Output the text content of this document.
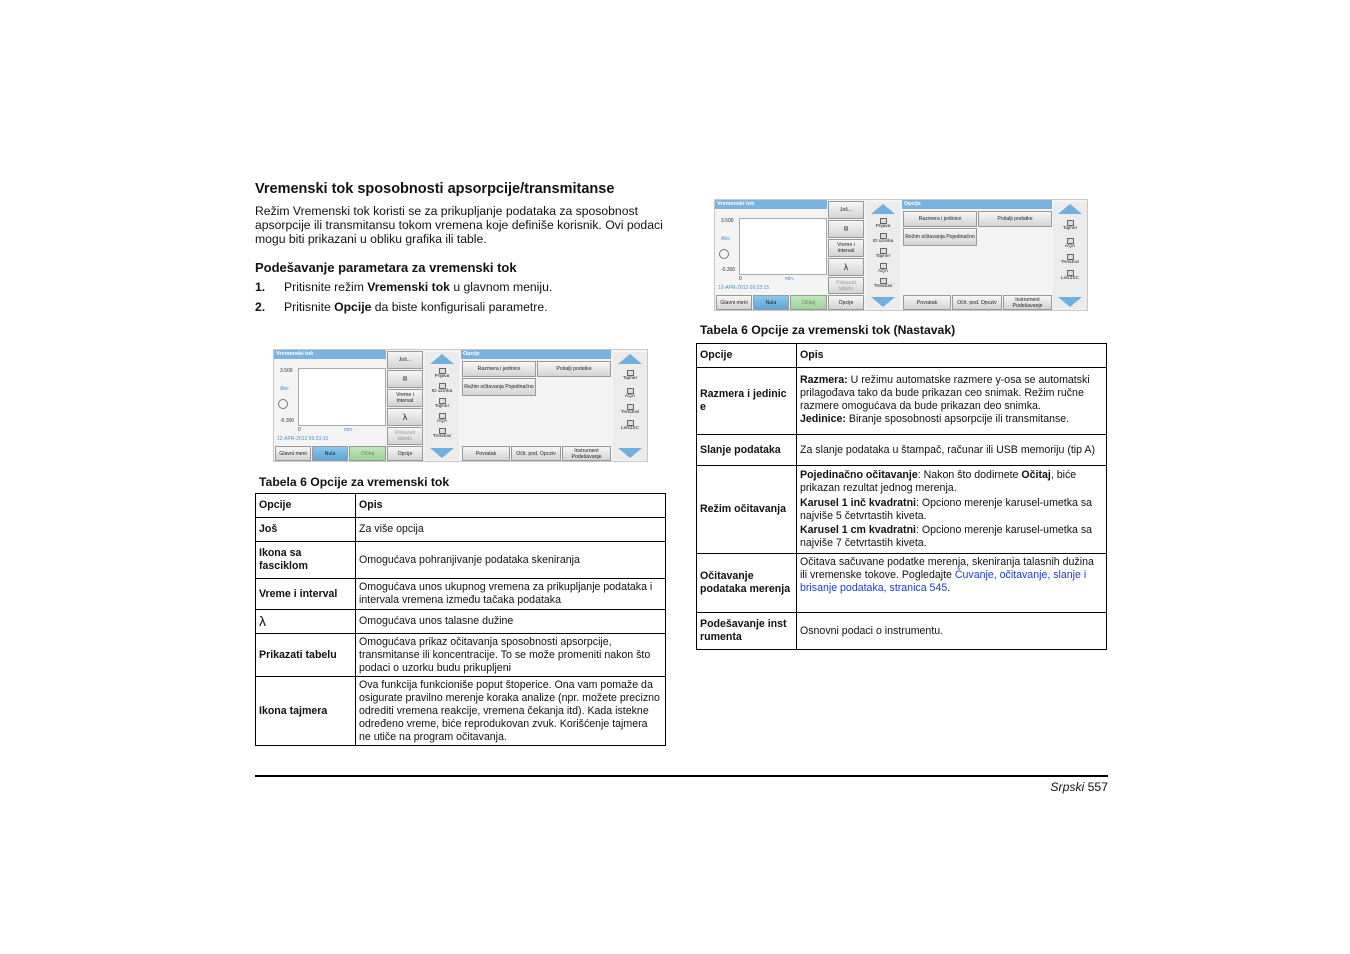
Vremenski tok sposobnosti apsorpcije/transmitanse

Režim Vremenski tok koristi se za prikupljanje podataka za sposobnost apsorpcije ili transmitansu tokom vremena koje definiše korisnik. Ovi podaci mogu biti prikazani u obliku grafika ili table.

Podešavanje parametara za vremenski tok
1.	Pritisnite režim Vremenski tok u glavnom meniju.
2.	Pritisnite Opcije da biste konfigurisali parametre.
Vremenski tok
3.500
Abs
-0.300
0	min.
12-APR-2012 09:23:15
Još...
▤
Vreme i interval
λ
Prikazati tabelu
Glavni meni	Nula	Očitaj	Opcije
Prijava
ID uzorka
Tajmer
AQA
Trendovi
Opcije
Razmera i jedinice	Pošalji podatke
Režim očitavanja Pojedinačno
Povratak	Očit. pod. Opcziv	Instrument Podešavanje
Tajmer
AQA
Trendovi
Link2SC
Tabela 6 Opcije za vremenski tok
Opcije	Opis
Još	Za više opcija
Ikona sa fasciklom	Omogućava pohranjivanje podataka skeniranja
Vreme i interval	Omogućava unos ukupnog vremena za prikupljanje podataka i intervala vremena između tačaka podataka
λ	Omogućava unos talasne dužine
Prikazati tabelu	Omogućava prikaz očitavanja sposobnosti apsorpcije, transmitanse ili koncentracije. To se može promeniti nakon što podaci o uzorku budu prikupljeni
Ikona tajmera	Ova funkcija funkcioniše poput štoperice. Ona vam pomaže da osigurate pravilno merenje koraka analize (npr. možete precizno odrediti vremena reakcije, vremena čekanja itd). Kada istekne određeno vreme, biće reprodukovan zvuk. Korišćenje tajmera ne utiče na program očitavanja.
Vremenski tok
3.500
Abs
-0.300
0	min.
12-APR-2012 09:23:15
Još...
▤
Vreme i interval
λ
Prikazati tabelu
Glavni meni	Nula	Očitaj	Opcije
Prijava
ID uzorka
Tajmer
AQA
Trendovi
Opcije
Razmera i jedinice	Pošalji podatke
Režim očitavanja Pojedinačno
Povratak	Očit. pod. Opcziv	Instrument Podešavanje
Tajmer
AQA
Trendovi
Link2SC
Tabela 6 Opcije za vremenski tok (Nastavak)
Opcije	Opis
Razmera i jedinic e	Razmera: U režimu automatske razmere y-osa se automatski prilagođava tako da bude prikazan ceo snimak. Režim ručne razmere omogućava da bude prikazan deo snimka.
Jedinice: Biranje sposobnosti apsorpcije ili transmitanse.

Slanje podataka	Za slanje podataka u štampač, računar ili USB memoriju (tip A)
Režim očitavanja	Pojedinačno očitavanje: Nakon što dodirnete Očitaj, biće prikazan rezultat jednog merenja.

Karusel 1 inč kvadratni: Opciono merenje karusel-umetka sa najviše 5 četvrtastih kiveta.

Karusel 1 cm kvadratni: Opciono merenje karusel-umetka sa najviše 7 četvrtastih kiveta.

Očitavanje podataka merenja	Očitava sačuvane podatke merenja, skeniranja talasnih dužina ili vremenske tokove. Pogledajte Čuvanje, očitavanje, slanje i brisanje podataka, stranica 545.
Podešavanje inst rumenta	Osnovni podaci o instrumentu.
Srpski 557
